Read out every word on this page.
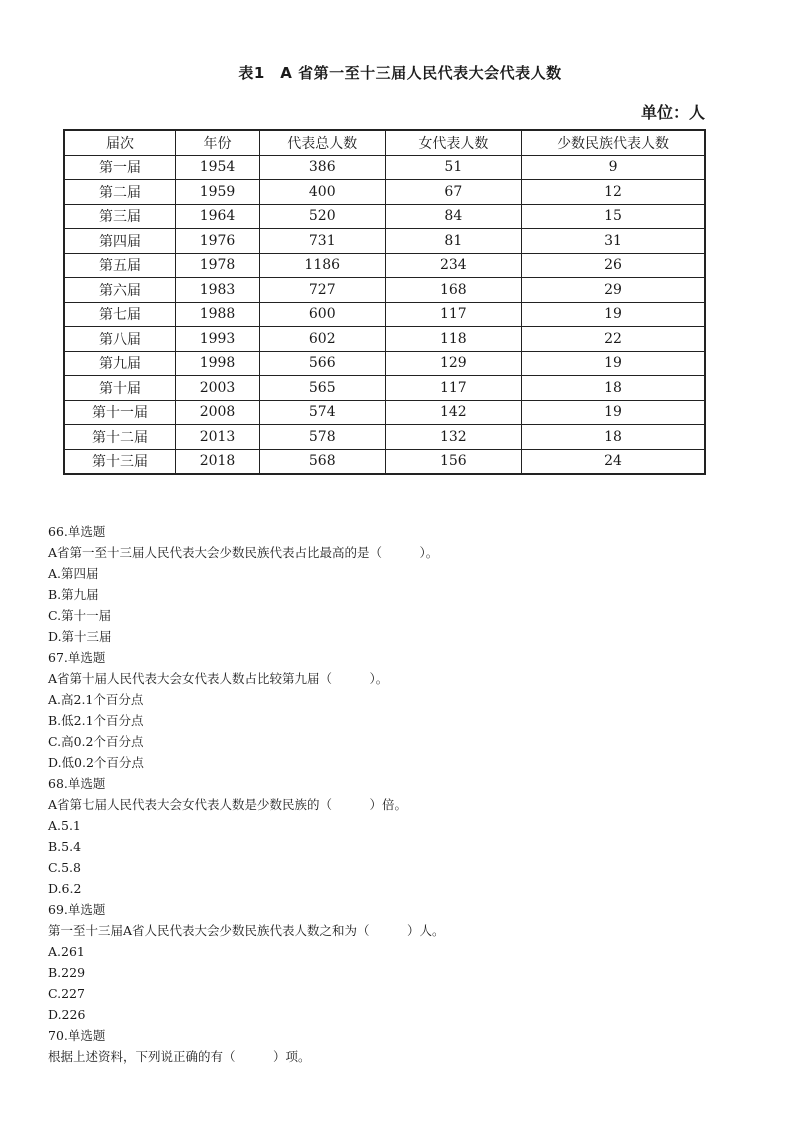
表1　A 省第一至十三届人民代表大会代表人数
单位：人
届次	年份	代表总人数	女代表人数	少数民族代表人数
第一届	1954	386	51	9
第二届	1959	400	67	12
第三届	1964	520	84	15
第四届	1976	731	81	31
第五届	1978	1186	234	26
第六届	1983	727	168	29
第七届	1988	600	117	19
第八届	1993	602	118	22
第九届	1998	566	129	19
第十届	2003	565	117	18
第十一届	2008	574	142	19
第十二届	2013	578	132	18
第十三届	2018	568	156	24
66.单选题
A省第一至十三届人民代表大会少数民族代表占比最高的是（　　　）。
A.第四届
B.第九届
C.第十一届
D.第十三届
67.单选题
A省第十届人民代表大会女代表人数占比较第九届（　　　）。
A.高2.1个百分点
B.低2.1个百分点
C.高0.2个百分点
D.低0.2个百分点
68.单选题
A省第七届人民代表大会女代表人数是少数民族的（　　　）倍。
A.5.1
B.5.4
C.5.8
D.6.2
69.单选题
第一至十三届A省人民代表大会少数民族代表人数之和为（　　　）人。
A.261
B.229
C.227
D.226
70.单选题
根据上述资料，下列说正确的有（　　　）项。
